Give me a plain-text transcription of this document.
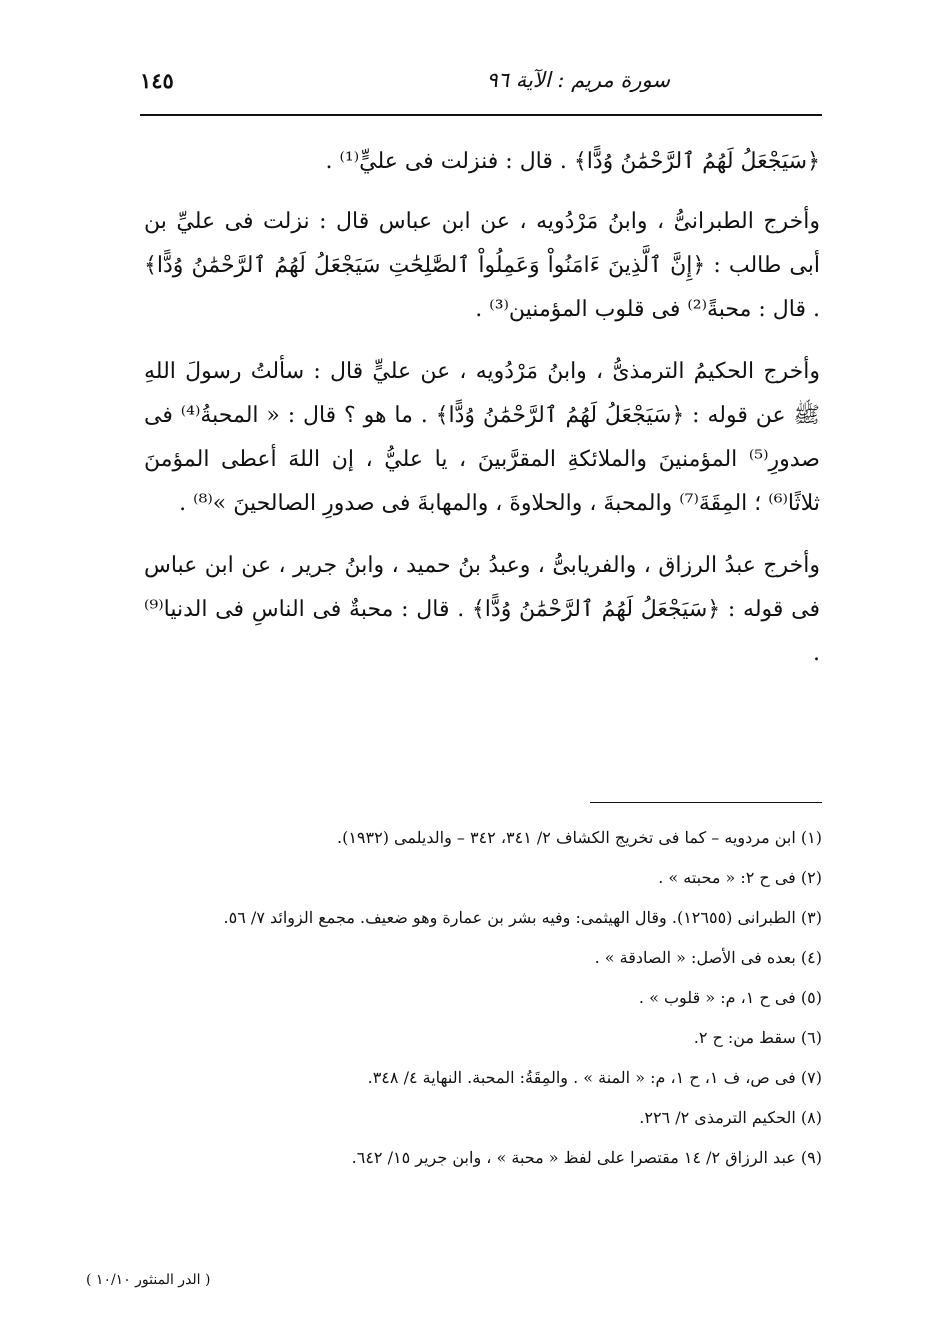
سورة مريم : الآية ٩٦
١٤٥

﴿سَيَجْعَلُ لَهُمُ ٱلرَّحْمَٰنُ وُدًّا﴾ . قال : فنزلت فى عليٍّ⁽¹⁾ .

وأخرج الطبرانىُّ ، وابنُ مَرْدُويه ، عن ابن عباس قال : نزلت فى عليِّ بن أبى طالب : ﴿إِنَّ ٱلَّذِينَ ءَامَنُواْ وَعَمِلُواْ ٱلصَّٰلِحَٰتِ سَيَجْعَلُ لَهُمُ ٱلرَّحْمَٰنُ وُدًّا﴾ . قال : محبةً⁽²⁾ فى قلوب المؤمنين⁽³⁾ .

وأخرج الحكيمُ الترمذىُّ ، وابنُ مَرْدُويه ، عن عليٍّ قال : سألتُ رسولَ اللهِ ﷺ عن قوله : ﴿سَيَجْعَلُ لَهُمُ ٱلرَّحْمَٰنُ وُدًّا﴾ . ما هو ؟ قال : « المحبةُ⁽⁴⁾ فى صدورِ⁽⁵⁾ المؤمنينَ والملائكةِ المقرَّبينَ ، يا عليُّ ، إن اللهَ أعطى المؤمنَ ثلاثًا⁽⁶⁾ ؛ المِقَةَ⁽⁷⁾ والمحبةَ ، والحلاوةَ ، والمهابةَ فى صدورِ الصالحينَ »⁽⁸⁾ .

وأخرج عبدُ الرزاق ، والفريابىُّ ، وعبدُ بنُ حميد ، وابنُ جرير ، عن ابن عباس فى قوله : ﴿سَيَجْعَلُ لَهُمُ ٱلرَّحْمَٰنُ وُدًّا﴾ . قال : محبةٌ فى الناسِ فى الدنيا⁽⁹⁾ .

(١) ابن مردويه – كما فى تخريج الكشاف ٢/ ٣٤١، ٣٤٢ – والديلمى (١٩٣٢).

(٢) فى ح ٢: « محبته » .

(٣) الطبرانى (١٢٦٥٥). وقال الهيثمى: وفيه بشر بن عمارة وهو ضعيف. مجمع الزوائد ٧/ ٥٦.

(٤) بعده فى الأصل: « الصادقة » .

(٥) فى ح ١، م: « قلوب » .

(٦) سقط من: ح ٢.

(٧) فى ص، ف ١، ح ١، م: « المنة » . والمِقَةُ: المحبة. النهاية ٤/ ٣٤٨.

(٨) الحكيم الترمذى ٢/ ٢٢٦.

(٩) عبد الرزاق ٢/ ١٤ مقتصرا على لفظ « محبة » ، وابن جرير ١٥/ ٦٤٢.

( الدر المنثور ١٠/١٠ )
